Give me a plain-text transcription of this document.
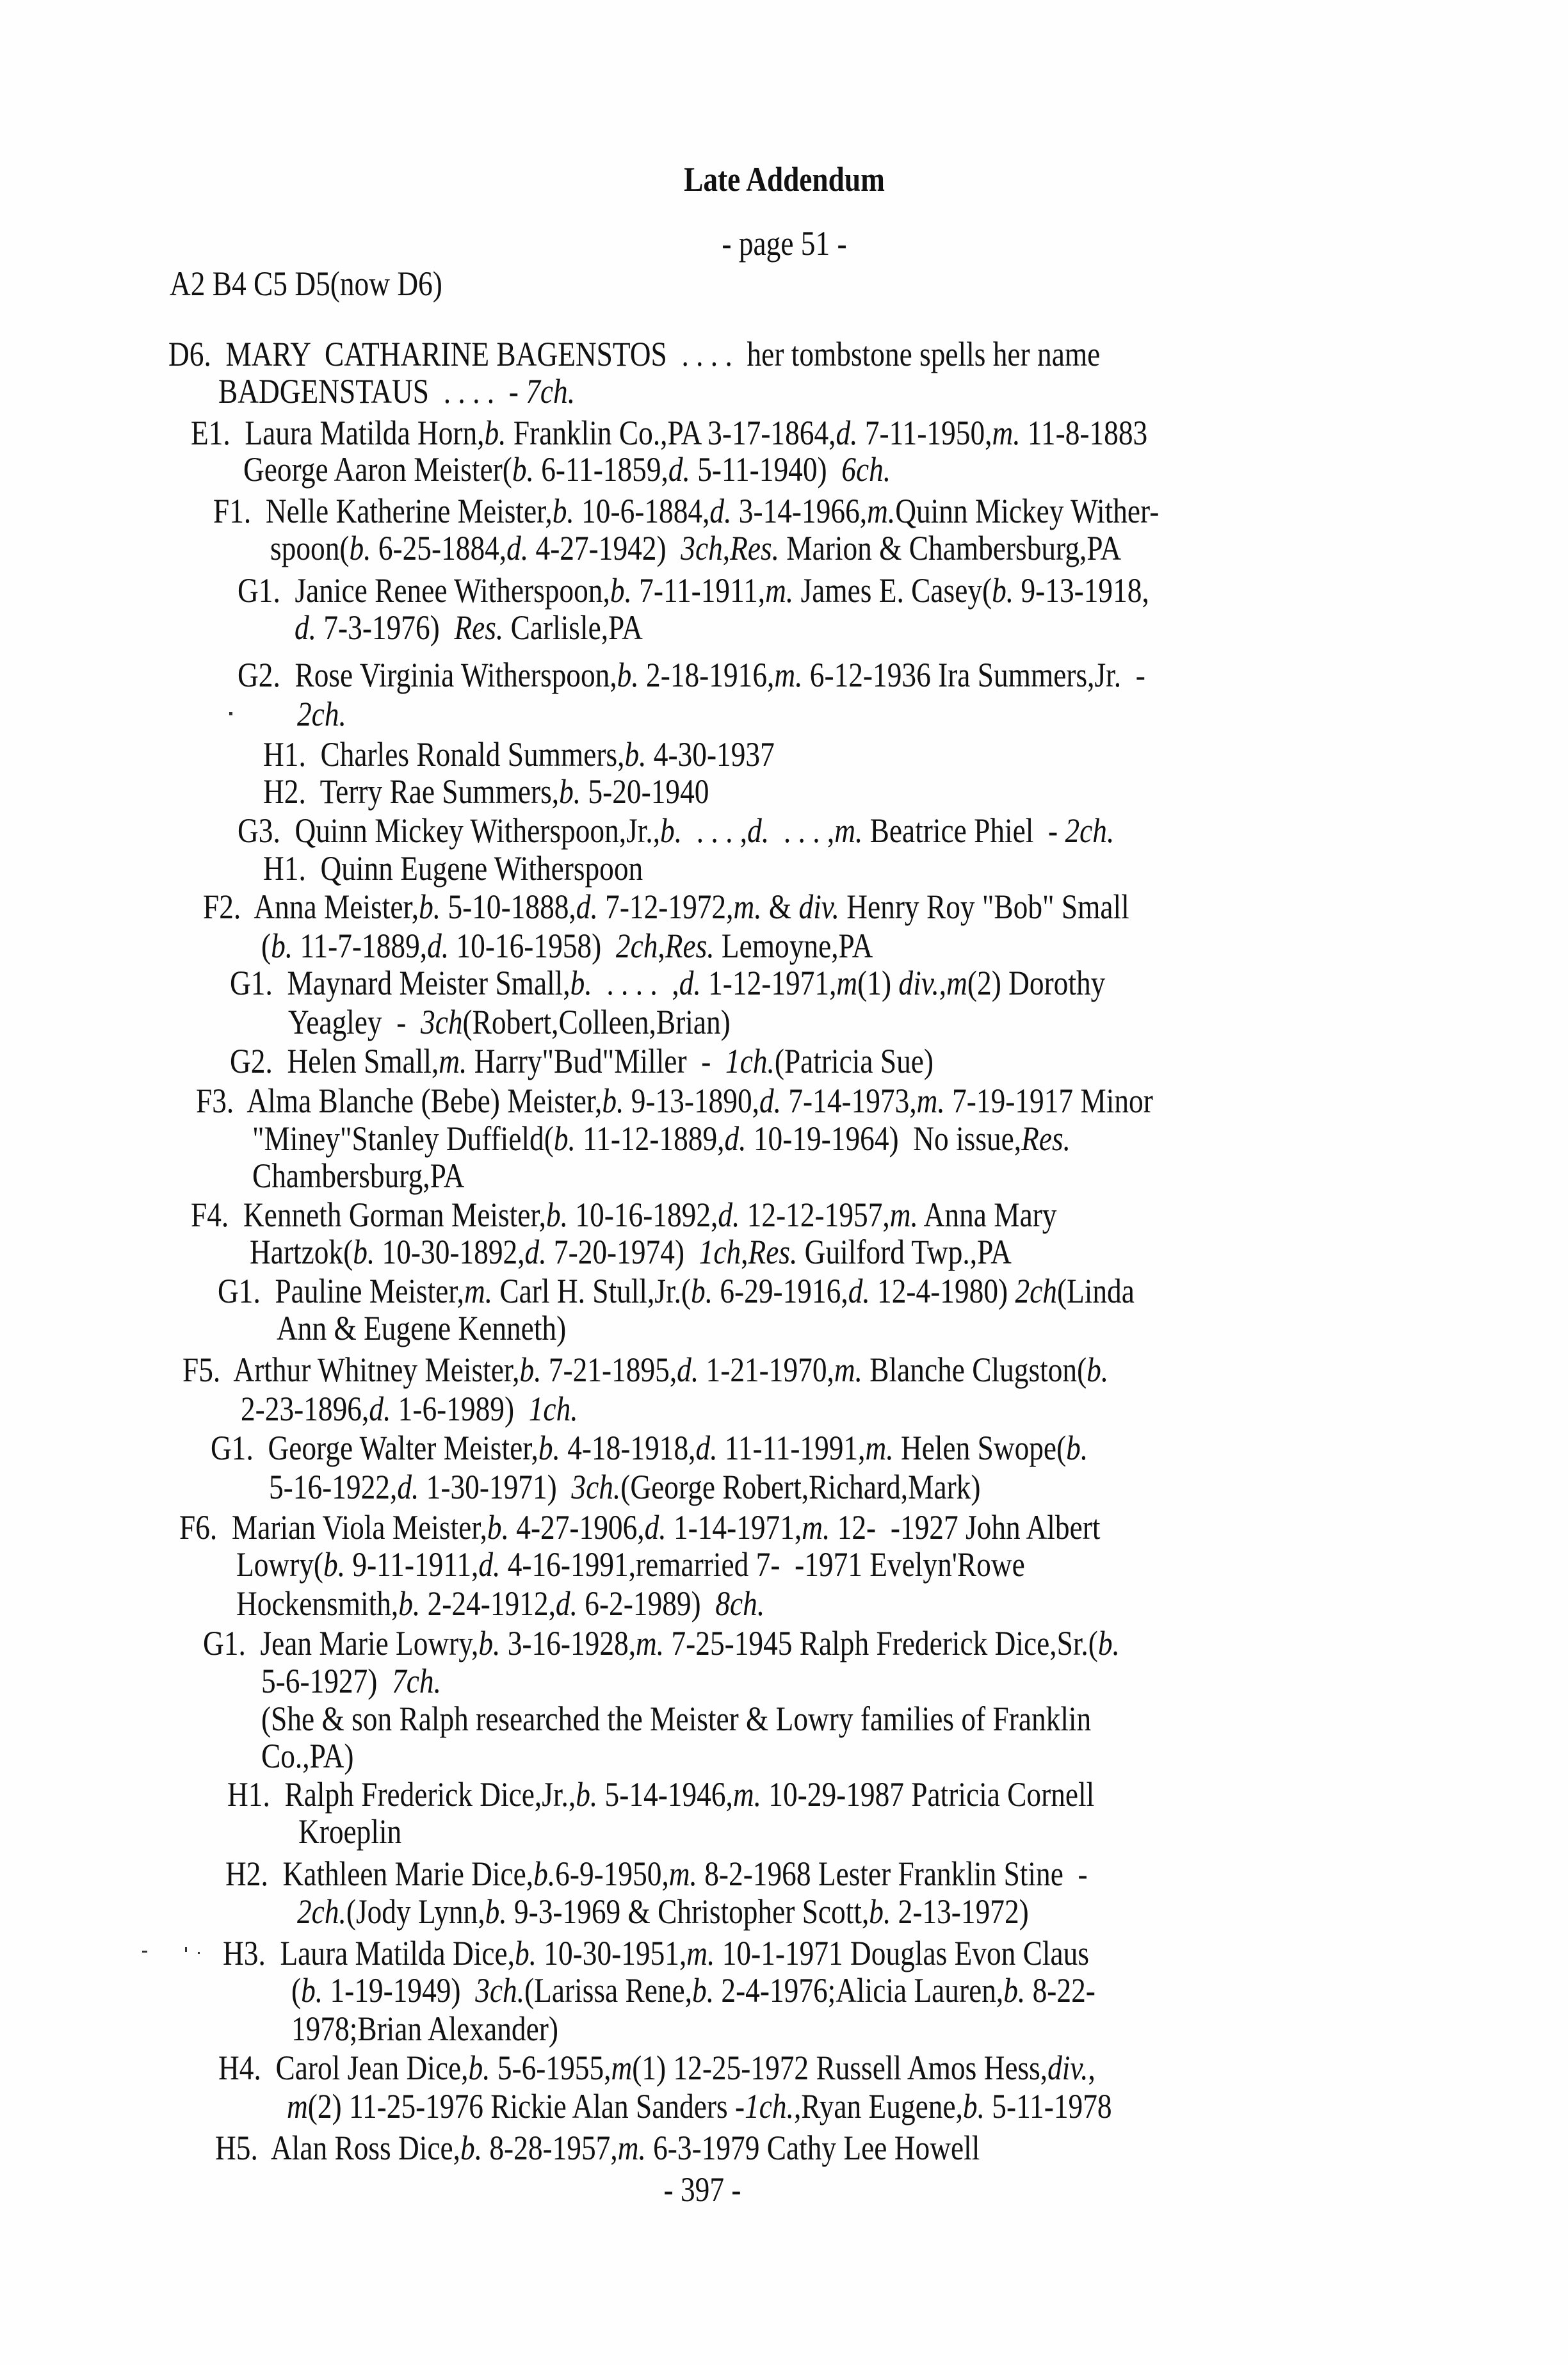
Late Addendum
- page 51 -
A2 B4 C5 D5(now D6)
D6.  MARY  CATHARINE BAGENSTOS  . . . .  her tombstone spells her name
BADGENSTAUS  . . . .  - 7ch.
E1.  Laura Matilda Horn,b. Franklin Co.,PA 3-17-1864,d. 7-11-1950,m. 11-8-1883
George Aaron Meister(b. 6-11-1859,d. 5-11-1940)  6ch.
F1.  Nelle Katherine Meister,b. 10-6-1884,d. 3-14-1966,m.Quinn Mickey Wither-
spoon(b. 6-25-1884,d. 4-27-1942)  3ch,Res. Marion & Chambersburg,PA
G1.  Janice Renee Witherspoon,b. 7-11-1911,m. James E. Casey(b. 9-13-1918,
d. 7-3-1976)  Res. Carlisle,PA
G2.  Rose Virginia Witherspoon,b. 2-18-1916,m. 6-12-1936 Ira Summers,Jr.  -
2ch.
H1.  Charles Ronald Summers,b. 4-30-1937
H2.  Terry Rae Summers,b. 5-20-1940
G3.  Quinn Mickey Witherspoon,Jr.,b.  . . . ,d.  . . . ,m. Beatrice Phiel  - 2ch.
H1.  Quinn Eugene Witherspoon
F2.  Anna Meister,b. 5-10-1888,d. 7-12-1972,m. & div. Henry Roy "Bob" Small
(b. 11-7-1889,d. 10-16-1958)  2ch,Res. Lemoyne,PA
G1.  Maynard Meister Small,b.  . . . .  ,d. 1-12-1971,m(1) div.,m(2) Dorothy
Yeagley  -  3ch(Robert,Colleen,Brian)
G2.  Helen Small,m. Harry"Bud"Miller  -  1ch.(Patricia Sue)
F3.  Alma Blanche (Bebe) Meister,b. 9-13-1890,d. 7-14-1973,m. 7-19-1917 Minor
"Miney"Stanley Duffield(b. 11-12-1889,d. 10-19-1964)  No issue,Res.
Chambersburg,PA
F4.  Kenneth Gorman Meister,b. 10-16-1892,d. 12-12-1957,m. Anna Mary
Hartzok(b. 10-30-1892,d. 7-20-1974)  1ch,Res. Guilford Twp.,PA
G1.  Pauline Meister,m. Carl H. Stull,Jr.(b. 6-29-1916,d. 12-4-1980) 2ch(Linda
Ann & Eugene Kenneth)
F5.  Arthur Whitney Meister,b. 7-21-1895,d. 1-21-1970,m. Blanche Clugston(b.
2-23-1896,d. 1-6-1989)  1ch.
G1.  George Walter Meister,b. 4-18-1918,d. 11-11-1991,m. Helen Swope(b.
5-16-1922,d. 1-30-1971)  3ch.(George Robert,Richard,Mark)
F6.  Marian Viola Meister,b. 4-27-1906,d. 1-14-1971,m. 12-  -1927 John Albert
Lowry(b. 9-11-1911,d. 4-16-1991,remarried 7-  -1971 Evelyn'Rowe
Hockensmith,b. 2-24-1912,d. 6-2-1989)  8ch.
G1.  Jean Marie Lowry,b. 3-16-1928,m. 7-25-1945 Ralph Frederick Dice,Sr.(b.
5-6-1927)  7ch.
(She & son Ralph researched the Meister & Lowry families of Franklin
Co.,PA)
H1.  Ralph Frederick Dice,Jr.,b. 5-14-1946,m. 10-29-1987 Patricia Cornell
Kroeplin
H2.  Kathleen Marie Dice,b.6-9-1950,m. 8-2-1968 Lester Franklin Stine  -
2ch.(Jody Lynn,b. 9-3-1969 & Christopher Scott,b. 2-13-1972)
H3.  Laura Matilda Dice,b. 10-30-1951,m. 10-1-1971 Douglas Evon Claus
(b. 1-19-1949)  3ch.(Larissa Rene,b. 2-4-1976;Alicia Lauren,b. 8-22-
1978;Brian Alexander)
H4.  Carol Jean Dice,b. 5-6-1955,m(1) 12-25-1972 Russell Amos Hess,div.,
m(2) 11-25-1976 Rickie Alan Sanders -1ch.,Ryan Eugene,b. 5-11-1978
H5.  Alan Ross Dice,b. 8-28-1957,m. 6-3-1979 Cathy Lee Howell
- 397 -
